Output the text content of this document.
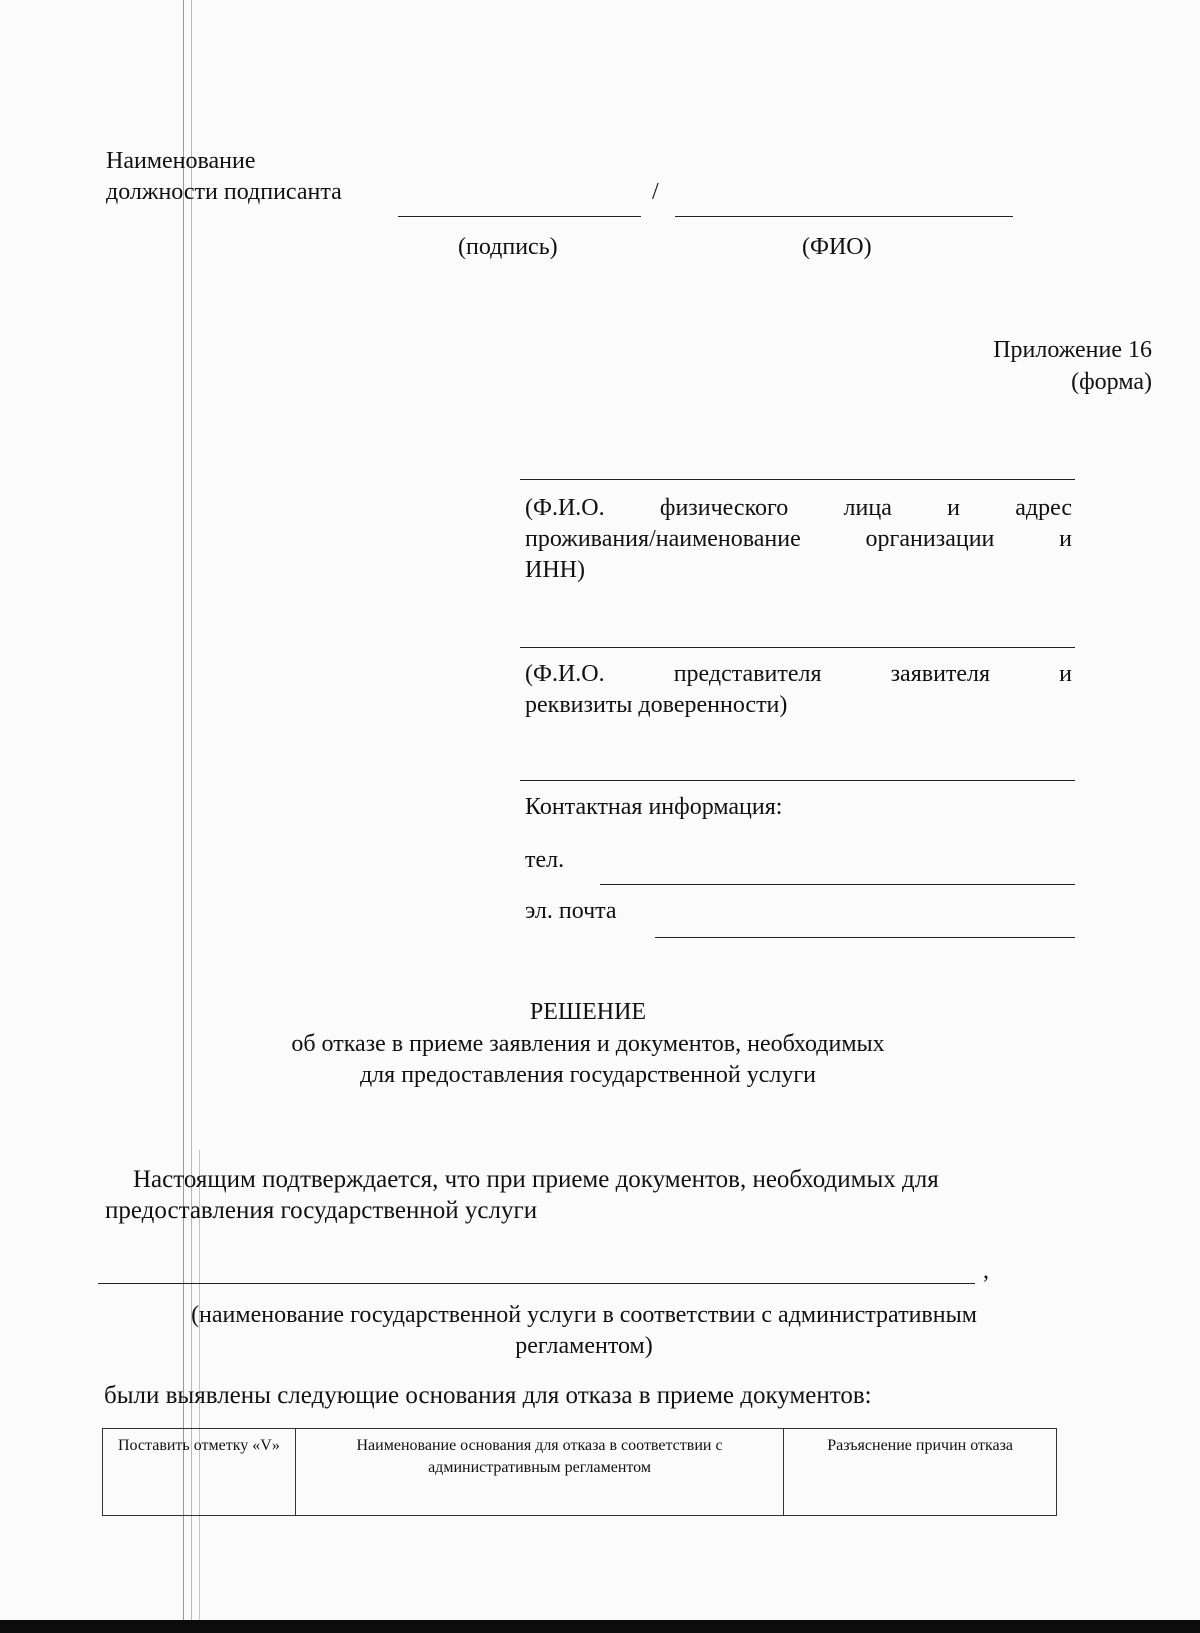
Наименование
должности подписанта	/
(подпись)	(ФИО)
Приложение 16
(форма)
(Ф.И.О. физического лица и адрес
проживания/наименование организации и
ИНН)
(Ф.И.О. представителя заявителя и
реквизиты доверенности)
Контактная информация:
тел.
эл. почта
РЕШЕНИЕ
об отказе в приеме заявления и документов, необходимых
для предоставления государственной услуги
Настоящим подтверждается, что при приеме документов, необходимых для
предоставления государственной услуги
,
(наименование государственной услуги в соответствии с административным
регламентом)
были выявлены следующие основания для отказа в приеме документов:
Поставить отметку «V»	Наименование основания для отказа в соответствии с административным регламентом	Разъяснение причин отказа
